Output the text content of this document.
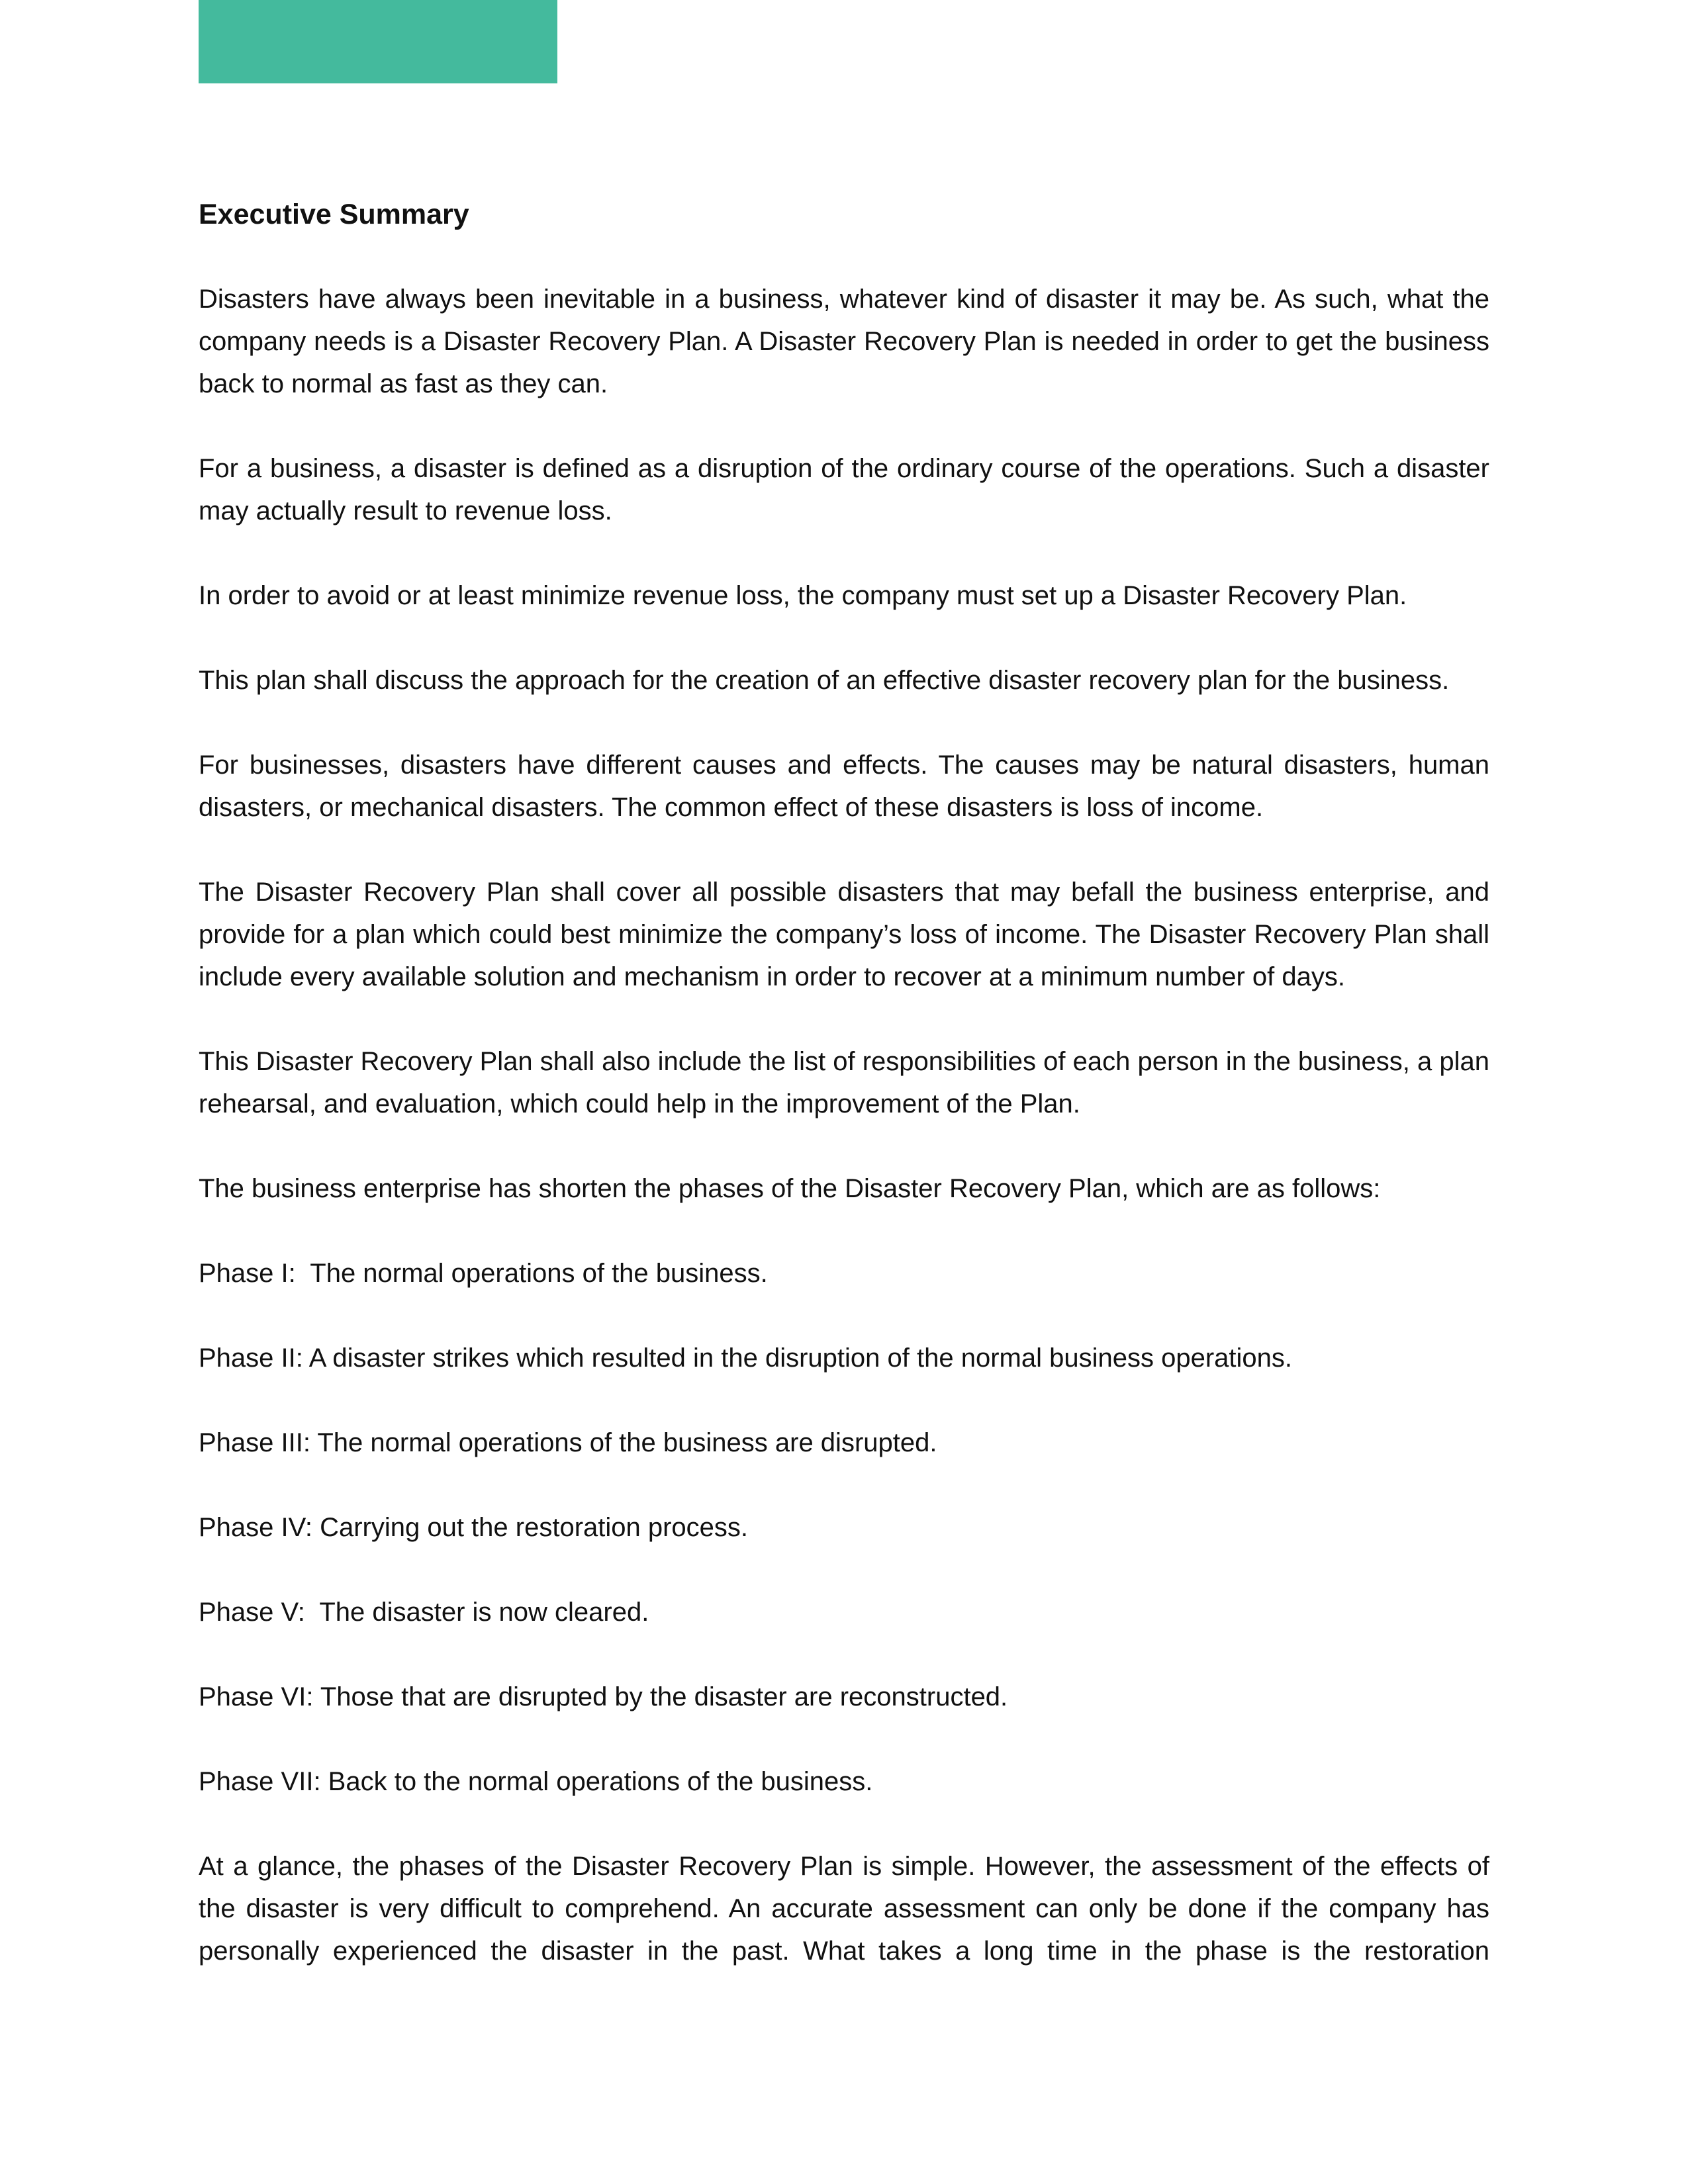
Executive Summary

Disasters have always been inevitable in a business, whatever kind of disaster it may be. As such, what the company needs is a Disaster Recovery Plan. A Disaster Recovery Plan is needed in order to get the business back to normal as fast as they can.

For a business, a disaster is defined as a disruption of the ordinary course of the operations. Such a disaster may actually result to revenue loss.

In order to avoid or at least minimize revenue loss, the company must set up a Disaster Recovery Plan.

This plan shall discuss the approach for the creation of an effective disaster recovery plan for the business.

For businesses, disasters have different causes and effects. The causes may be natural disasters, human disasters, or mechanical disasters. The common effect of these disasters is loss of income.

The Disaster Recovery Plan shall cover all possible disasters that may befall the business enterprise, and provide for a plan which could best minimize the company’s loss of income. The Disaster Recovery Plan shall include every available solution and mechanism in order to recover at a minimum number of days.

This Disaster Recovery Plan shall also include the list of responsibilities of each person in the business, a plan rehearsal, and evaluation, which could help in the improvement of the Plan.

The business enterprise has shorten the phases of the Disaster Recovery Plan, which are as follows:

Phase I:  The normal operations of the business.

Phase II: A disaster strikes which resulted in the disruption of the normal business operations.

Phase III: The normal operations of the business are disrupted.

Phase IV: Carrying out the restoration process.

Phase V:  The disaster is now cleared.

Phase VI: Those that are disrupted by the disaster are reconstructed.

Phase VII: Back to the normal operations of the business.

At a glance, the phases of the Disaster Recovery Plan is simple. However, the assessment of the effects of the disaster is very difficult to comprehend. An accurate assessment can only be done if the company has personally experienced the disaster in the past. What takes a long time in the phase is the restoration
